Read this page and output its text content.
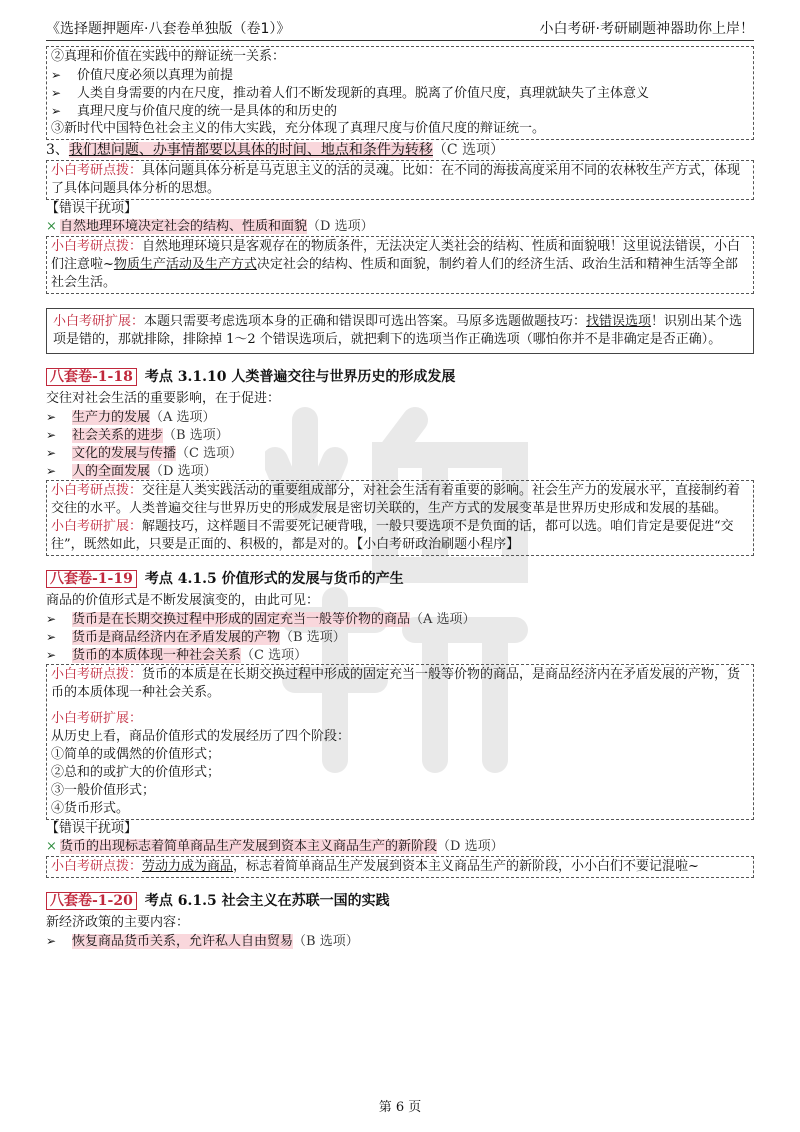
《选择题押题库·八套卷单独版（卷1）》	小白考研·考研刷题神器助你上岸！
②真理和价值在实践中的辩证统一关系：
➢ 价值尺度必须以真理为前提
➢ 人类自身需要的内在尺度，推动着人们不断发现新的真理。脱离了价值尺度，真理就缺失了主体意义
➢ 真理尺度与价值尺度的统一是具体的和历史的
③新时代中国特色社会主义的伟大实践，充分体现了真理尺度与价值尺度的辩证统一。
3、我们想问题、办事情都要以具体的时间、地点和条件为转移（C 选项）
小白考研点拨：具体问题具体分析是马克思主义的活的灵魂。比如：在不同的海拔高度采用不同的农林牧生产方式，体现了具体问题具体分析的思想。
【错误干扰项】
× 自然地理环境决定社会的结构、性质和面貌（D 选项）
小白考研点拨：自然地理环境只是客观存在的物质条件，无法决定人类社会的结构、性质和面貌哦！这里说法错误，小白们注意啦~物质生产活动及生产方式决定社会的结构、性质和面貌，制约着人们的经济生活、政治生活和精神生活等全部社会生活。
小白考研扩展：本题只需要考虑选项本身的正确和错误即可选出答案。马原多选题做题技巧：找错误选项！识别出某个选项是错的，那就排除，排除掉 1～2 个错误选项后，就把剩下的选项当作正确选项（哪怕你并不是非确定是否正确）。
八套卷-1-18 考点 3.1.10 人类普遍交往与世界历史的形成发展
交往对社会生活的重要影响，在于促进：
➢ 生产力的发展（A 选项）
➢ 社会关系的进步（B 选项）
➢ 文化的发展与传播（C 选项）
➢ 人的全面发展（D 选项）
小白考研点拨：交往是人类实践活动的重要组成部分，对社会生活有着重要的影响。社会生产力的发展水平，直接制约着交往的水平。人类普遍交往与世界历史的形成发展是密切关联的，生产方式的发展变革是世界历史形成和发展的基础。
小白考研扩展：解题技巧，这样题目不需要死记硬背哦，一般只要选项不是负面的话，都可以选。咱们肯定是要促进“交往”，既然如此，只要是正面的、积极的，都是对的。【小白考研政治刷题小程序】
八套卷-1-19 考点 4.1.5 价值形式的发展与货币的产生
商品的价值形式是不断发展演变的，由此可见：
➢ 货币是在长期交换过程中形成的固定充当一般等价物的商品（A 选项）
➢ 货币是商品经济内在矛盾发展的产物（B 选项）
➢ 货币的本质体现一种社会关系（C 选项）
小白考研点拨：货币的本质是在长期交换过程中形成的固定充当一般等价物的商品，是商品经济内在矛盾发展的产物，货币的本质体现一种社会关系。
小白考研扩展：
从历史上看，商品价值形式的发展经历了四个阶段：
①简单的或偶然的价值形式；
②总和的或扩大的价值形式；
③一般价值形式；
④货币形式。
【错误干扰项】
× 货币的出现标志着简单商品生产发展到资本主义商品生产的新阶段（D 选项）
小白考研点拨：劳动力成为商品，标志着简单商品生产发展到资本主义商品生产的新阶段，小小白们不要记混啦~
八套卷-1-20 考点 6.1.5 社会主义在苏联一国的实践
新经济政策的主要内容：
➢ 恢复商品货币关系，允许私人自由贸易（B 选项）
第 6 页
